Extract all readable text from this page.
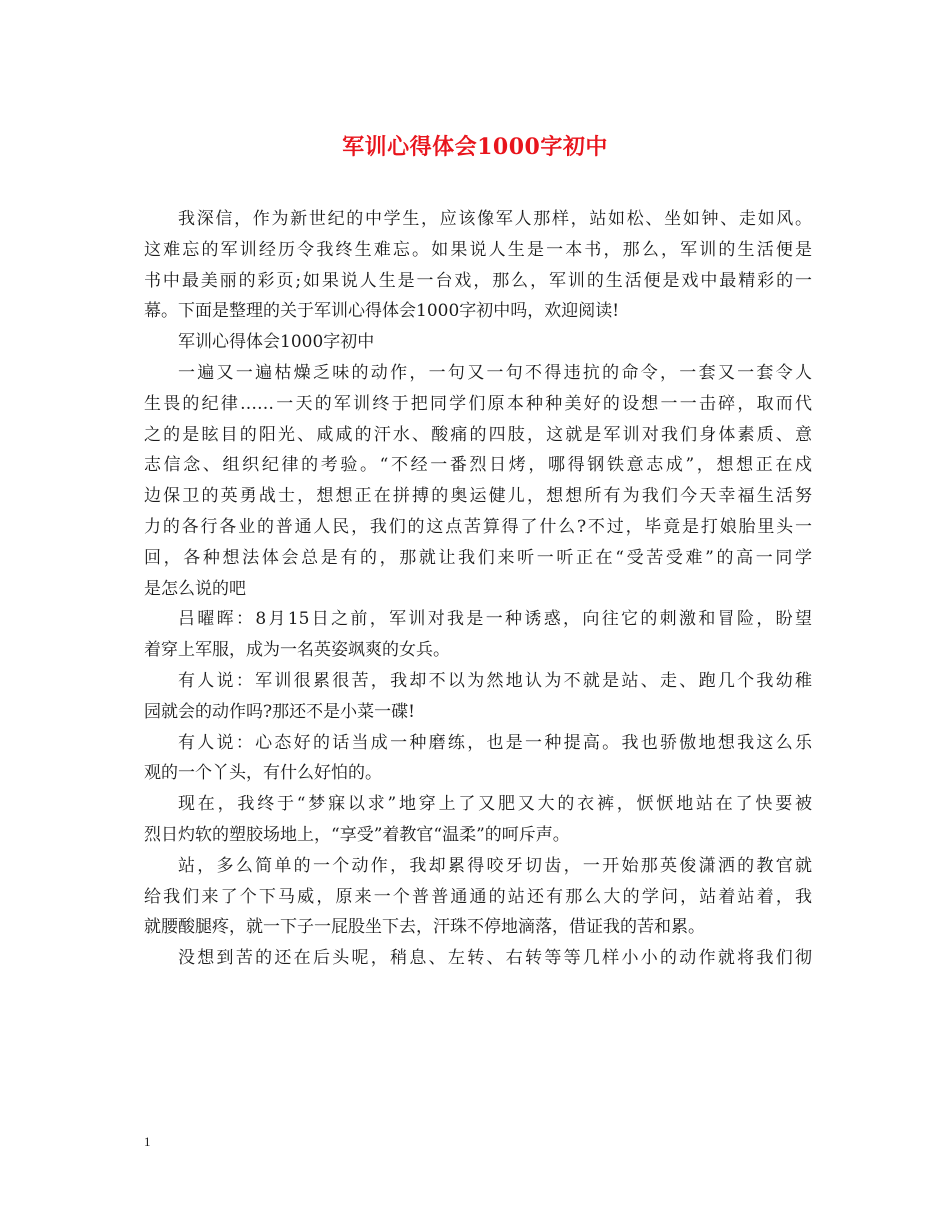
军训心得体会1000字初中
我深信，作为新世纪的中学生，应该像军人那样，站如松、坐如钟、走如风。
这难忘的军训经历令我终生难忘。如果说人生是一本书，那么，军训的生活便是
书中最美丽的彩页;如果说人生是一台戏，那么，军训的生活便是戏中最精彩的一
幕。下面是整理的关于军训心得体会1000字初中吗，欢迎阅读!
军训心得体会1000字初中
一遍又一遍枯燥乏味的动作，一句又一句不得违抗的命令，一套又一套令人
生畏的纪律……一天的军训终于把同学们原本种种美好的设想一一击碎，取而代
之的是眩目的阳光、咸咸的汗水、酸痛的四肢，这就是军训对我们身体素质、意
志信念、组织纪律的考验。“不经一番烈日烤，哪得钢铁意志成”，想想正在戍
边保卫的英勇战士，想想正在拼搏的奥运健儿，想想所有为我们今天幸福生活努
力的各行各业的普通人民，我们的这点苦算得了什么?不过，毕竟是打娘胎里头一
回，各种想法体会总是有的，那就让我们来听一听正在“受苦受难”的高一同学
是怎么说的吧
吕曜晖：8月15日之前，军训对我是一种诱惑，向往它的刺激和冒险，盼望
着穿上军服，成为一名英姿飒爽的女兵。
有人说：军训很累很苦，我却不以为然地认为不就是站、走、跑几个我幼稚
园就会的动作吗?那还不是小菜一碟!
有人说：心态好的话当成一种磨练，也是一种提高。我也骄傲地想我这么乐
观的一个丫头，有什么好怕的。
现在，我终于“梦寐以求”地穿上了又肥又大的衣裤，恹恹地站在了快要被
烈日灼软的塑胶场地上，“享受”着教官“温柔”的呵斥声。
站，多么简单的一个动作，我却累得咬牙切齿，一开始那英俊潇洒的教官就
给我们来了个下马威，原来一个普普通通的站还有那么大的学问，站着站着，我
就腰酸腿疼，就一下子一屁股坐下去，汗珠不停地滴落，借证我的苦和累。
没想到苦的还在后头呢，稍息、左转、右转等等几样小小的动作就将我们彻
1
